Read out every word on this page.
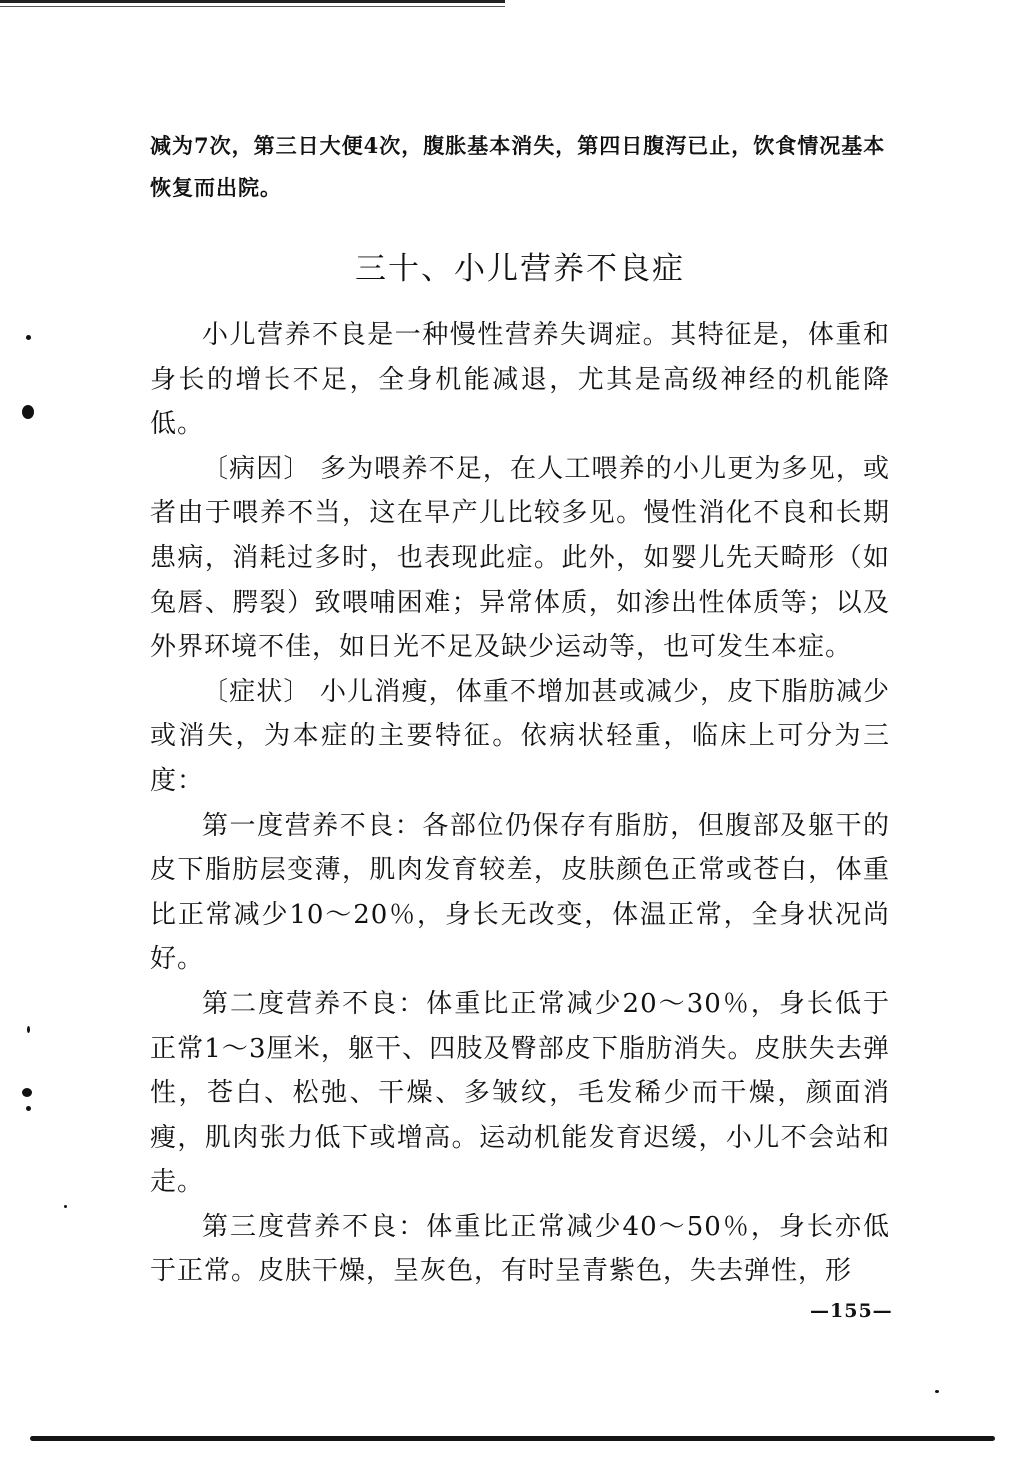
减为7次，第三日大便4次，腹胀基本消失，第四日腹泻已止，饮食情况基本恢复而出院。

三十、小儿营养不良症

小儿营养不良是一种慢性营养失调症。其特征是，体重和身长的增长不足，全身机能减退，尤其是高级神经的机能降低。

〔病因〕 多为喂养不足，在人工喂养的小儿更为多见，或者由于喂养不当，这在早产儿比较多见。慢性消化不良和长期患病，消耗过多时，也表现此症。此外，如婴儿先天畸形（如兔唇、腭裂）致喂哺困难；异常体质，如渗出性体质等；以及外界环境不佳，如日光不足及缺少运动等，也可发生本症。

〔症状〕 小儿消瘦，体重不增加甚或减少，皮下脂肪减少或消失，为本症的主要特征。依病状轻重，临床上可分为三度：

第一度营养不良：各部位仍保存有脂肪，但腹部及躯干的皮下脂肪层变薄，肌肉发育较差，皮肤颜色正常或苍白，体重比正常减少10～20％，身长无改变，体温正常，全身状况尚好。

第二度营养不良：体重比正常减少20～30％，身长低于正常1～3厘米，躯干、四肢及臀部皮下脂肪消失。皮肤失去弹性，苍白、松弛、干燥、多皱纹，毛发稀少而干燥，颜面消瘦，肌肉张力低下或增高。运动机能发育迟缓，小儿不会站和走。

第三度营养不良：体重比正常减少40～50％，身长亦低于正常。皮肤干燥，呈灰色，有时呈青紫色，失去弹性，形

—155—
